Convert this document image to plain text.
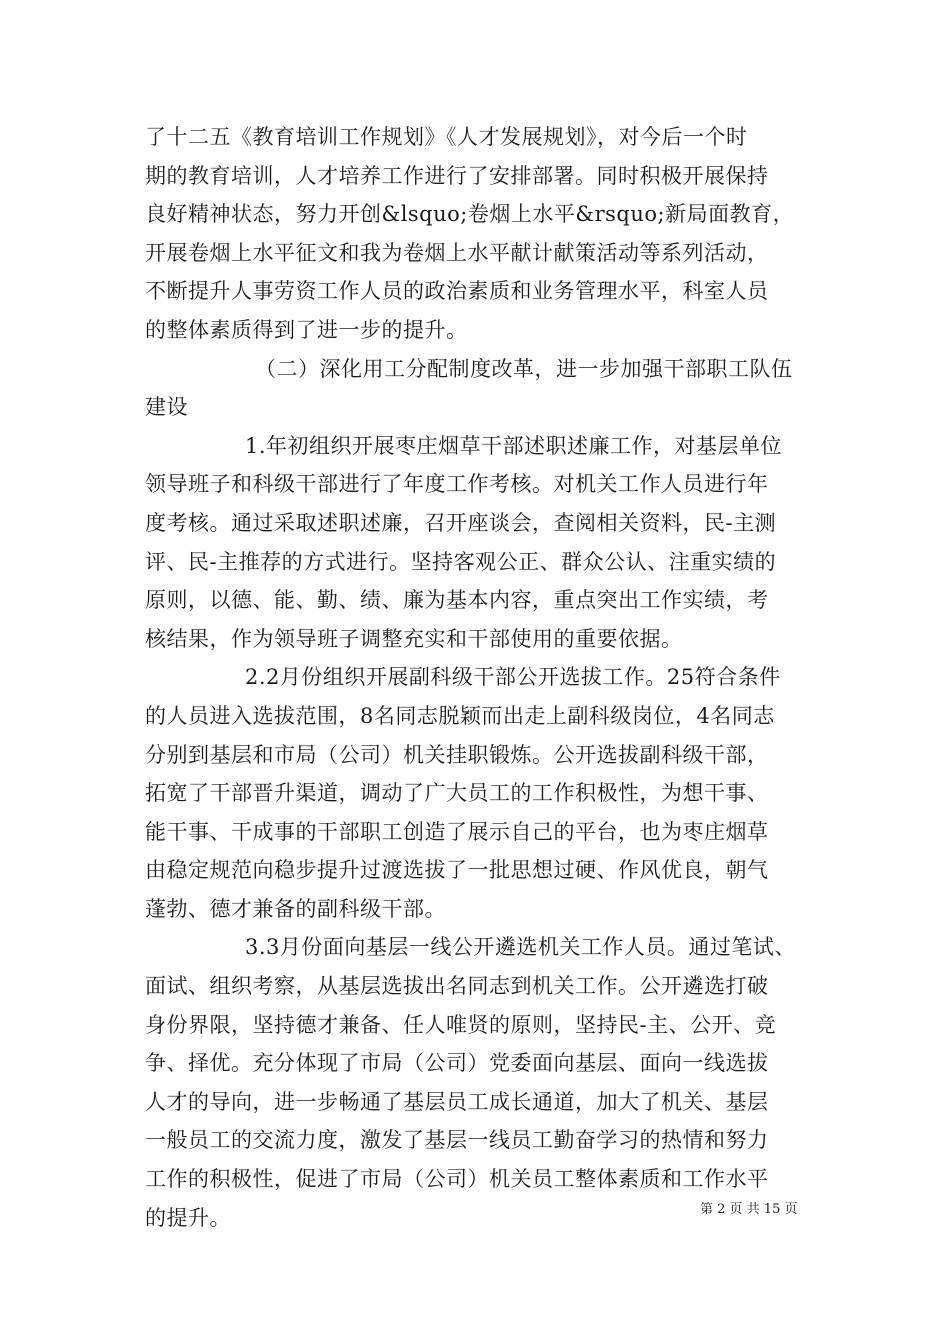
了十二五《教育培训工作规划》《人才发展规划》，对今后一个时
期的教育培训，人才培养工作进行了安排部署。同时积极开展保持
良好精神状态，努力开创&lsquo;卷烟上水平&rsquo;新局面教育，
开展卷烟上水平征文和我为卷烟上水平献计献策活动等系列活动，
不断提升人事劳资工作人员的政治素质和业务管理水平，科室人员
的整体素质得到了进一步的提升。
（二）深化用工分配制度改革，进一步加强干部职工队伍
建设
1.年初组织开展枣庄烟草干部述职述廉工作，对基层单位
领导班子和科级干部进行了年度工作考核。对机关工作人员进行年
度考核。通过采取述职述廉，召开座谈会，查阅相关资料，民-主测
评、民-主推荐的方式进行。坚持客观公正、群众公认、注重实绩的
原则，以德、能、勤、绩、廉为基本内容，重点突出工作实绩，考
核结果，作为领导班子调整充实和干部使用的重要依据。
2.2月份组织开展副科级干部公开选拔工作。25符合条件
的人员进入选拔范围，8名同志脱颖而出走上副科级岗位，4名同志
分别到基层和市局（公司）机关挂职锻炼。公开选拔副科级干部，
拓宽了干部晋升渠道，调动了广大员工的工作积极性，为想干事、
能干事、干成事的干部职工创造了展示自己的平台，也为枣庄烟草
由稳定规范向稳步提升过渡选拔了一批思想过硬、作风优良，朝气
蓬勃、德才兼备的副科级干部。
3.3月份面向基层一线公开遴选机关工作人员。通过笔试、
面试、组织考察，从基层选拔出名同志到机关工作。公开遴选打破
身份界限，坚持德才兼备、任人唯贤的原则，坚持民-主、公开、竞
争、择优。充分体现了市局（公司）党委面向基层、面向一线选拔
人才的导向，进一步畅通了基层员工成长通道，加大了机关、基层
一般员工的交流力度，激发了基层一线员工勤奋学习的热情和努力
工作的积极性，促进了市局（公司）机关员工整体素质和工作水平
的提升。	第 2 页 共 15 页
